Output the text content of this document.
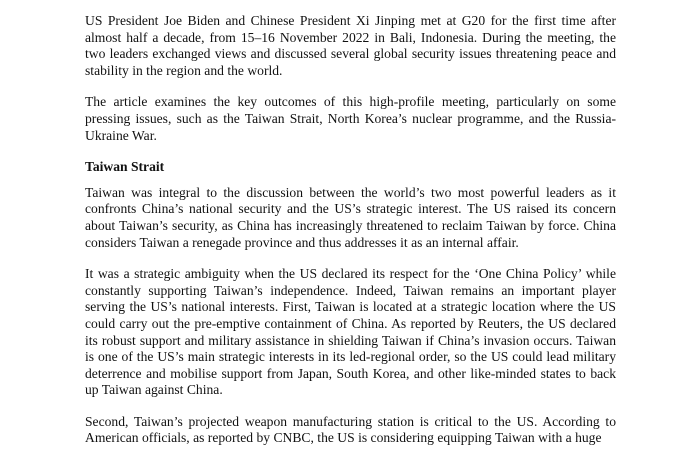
US President Joe Biden and Chinese President Xi Jinping met at G20 for the first time after almost half a decade, from 15–16 November 2022 in Bali, Indonesia. During the meeting, the two leaders exchanged views and discussed several global security issues threatening peace and stability in the region and the world.

The article examines the key outcomes of this high-profile meeting, particularly on some pressing issues, such as the Taiwan Strait, North Korea’s nuclear programme, and the Russia-Ukraine War.

Taiwan Strait

Taiwan was integral to the discussion between the world’s two most powerful leaders as it confronts China’s national security and the US’s strategic interest. The US raised its concern about Taiwan’s security, as China has increasingly threatened to reclaim Taiwan by force. China considers Taiwan a renegade province and thus addresses it as an internal affair.

It was a strategic ambiguity when the US declared its respect for the ‘One China Policy’ while constantly supporting Taiwan’s independence. Indeed, Taiwan remains an important player serving the US’s national interests. First, Taiwan is located at a strategic location where the US could carry out the pre-emptive containment of China. As reported by Reuters, the US declared its robust support and military assistance in shielding Taiwan if China’s invasion occurs. Taiwan is one of the US’s main strategic interests in its led-regional order, so the US could lead military deterrence and mobilise support from Japan, South Korea, and other like-minded states to back up Taiwan against China.

Second, Taiwan’s projected weapon manufacturing station is critical to the US. According to American officials, as reported by CNBC, the US is considering equipping Taiwan with a huge
